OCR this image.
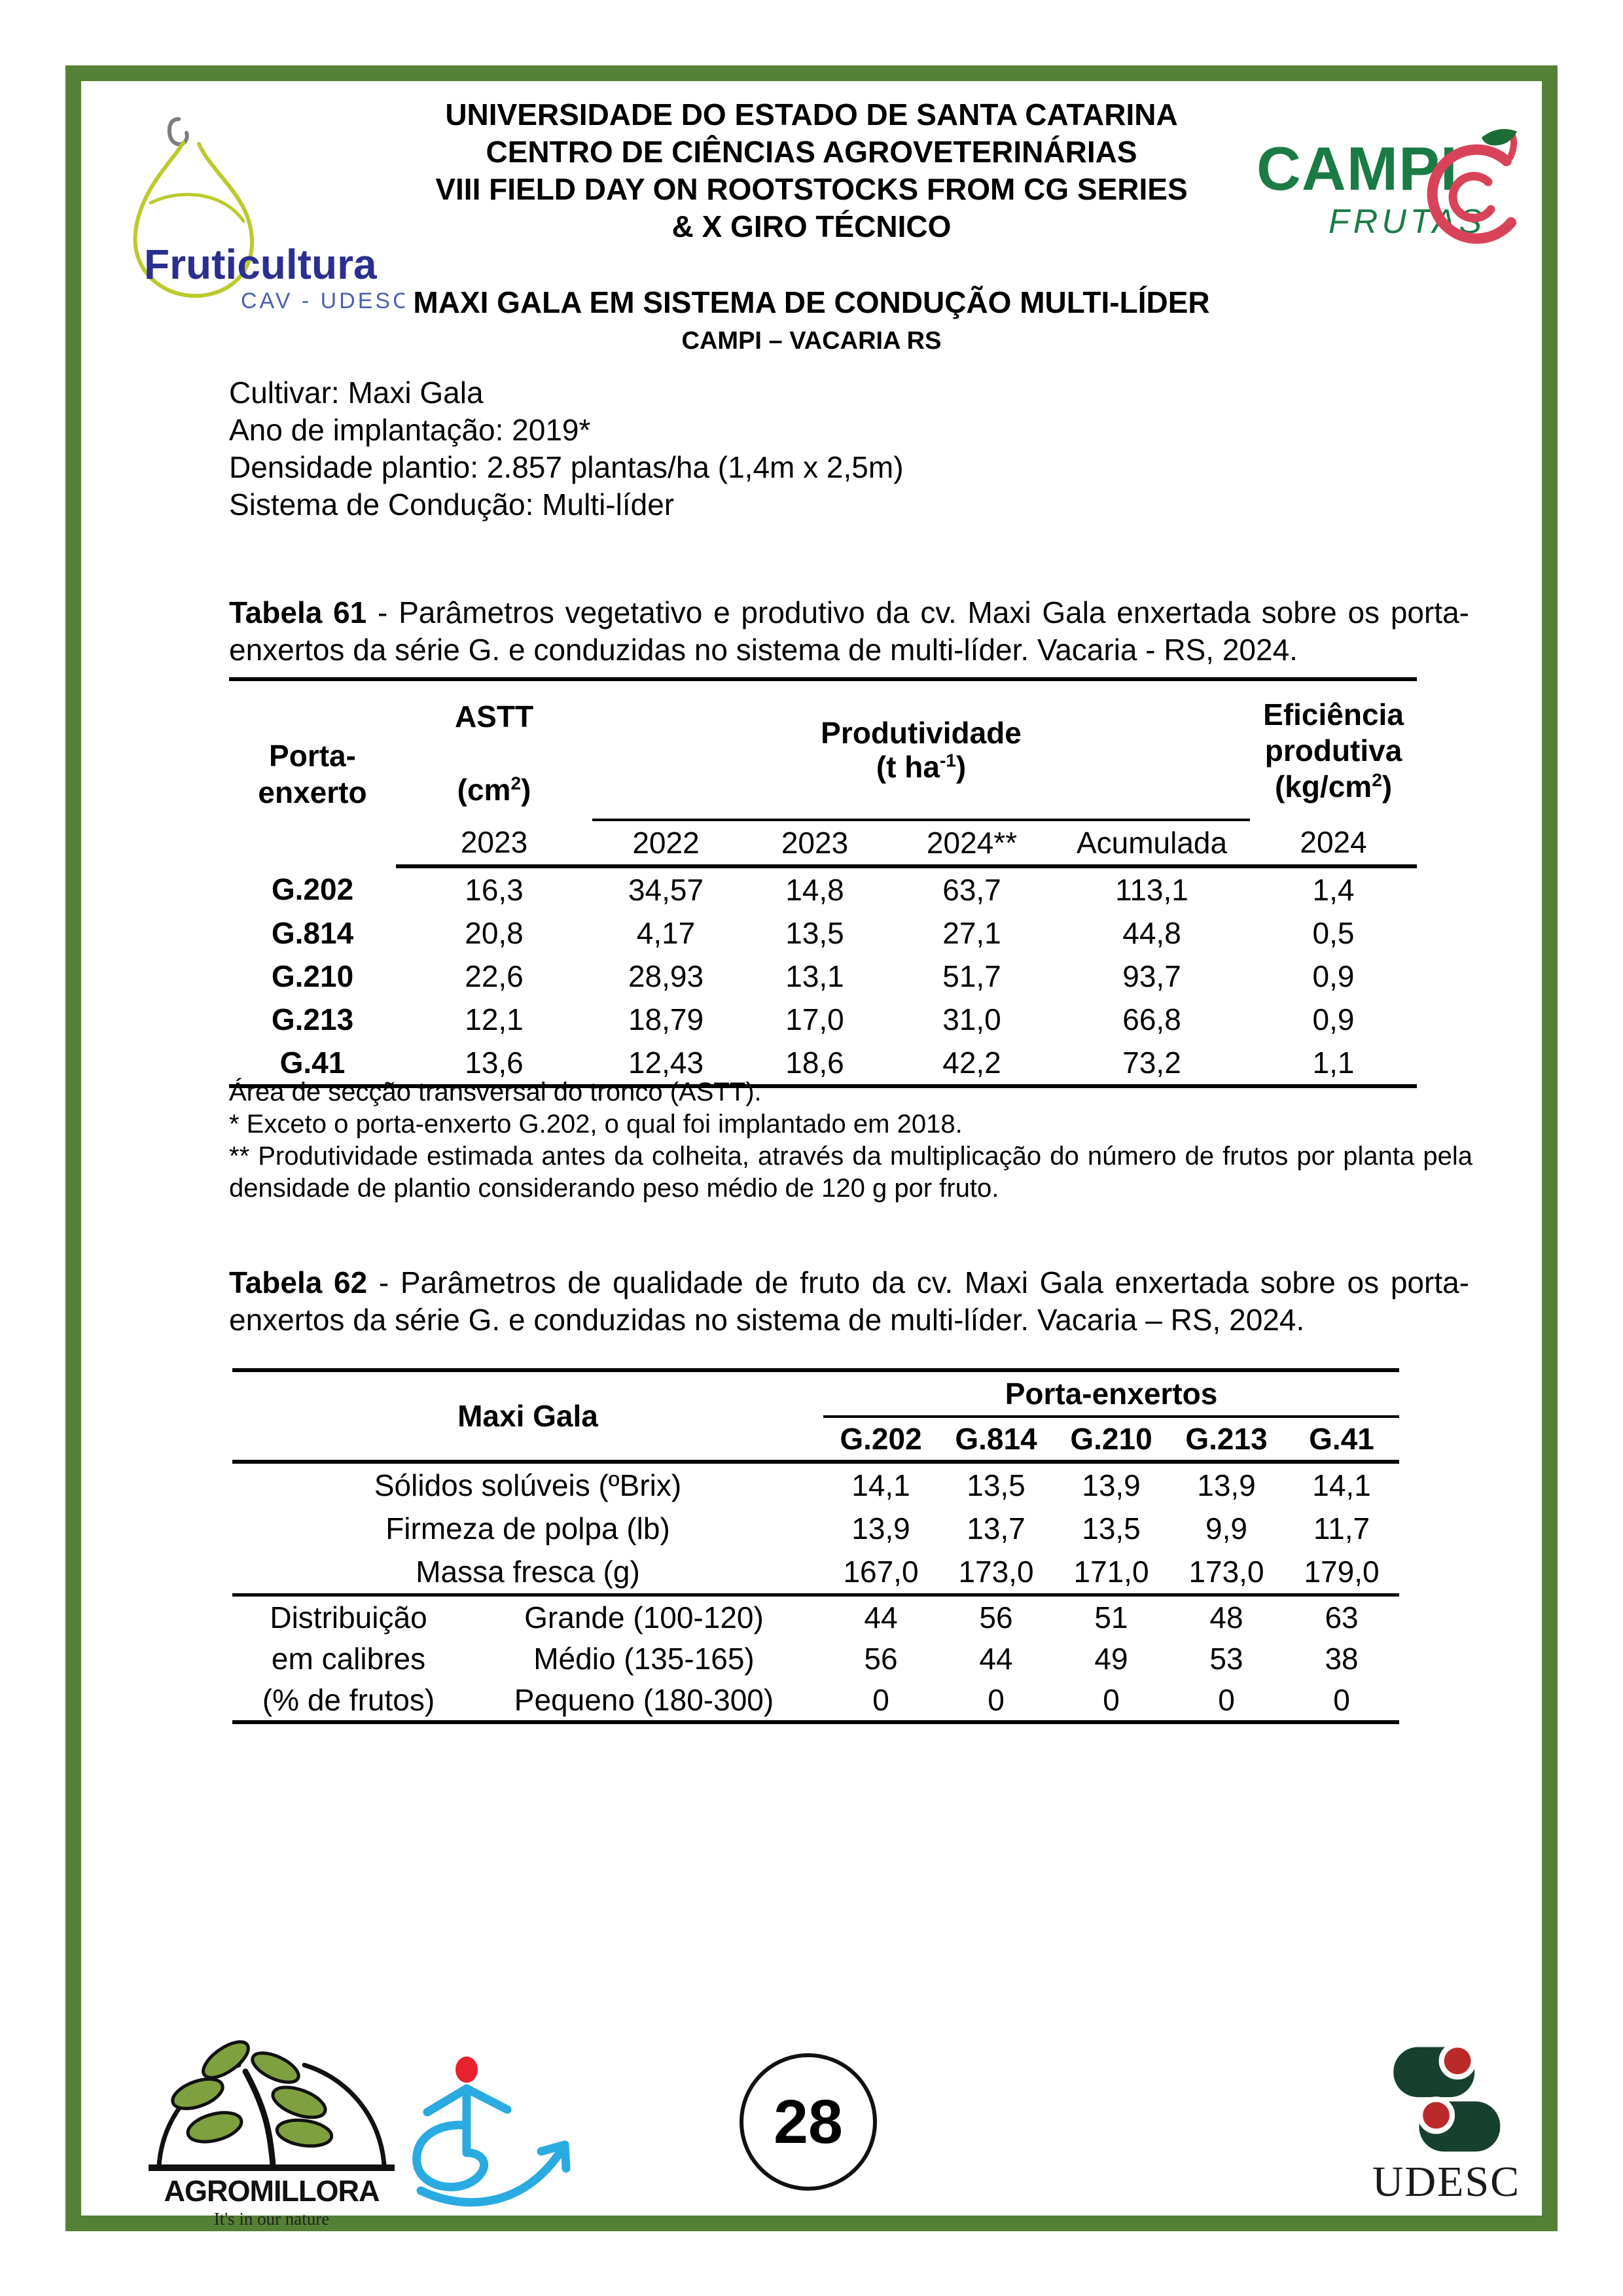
Fruticultura
CAV - UDESC
CAMPI
FRUTAS
UNIVERSIDADE DO ESTADO DE SANTA CATARINA
CENTRO DE CIÊNCIAS AGROVETERINÁRIAS
VIII FIELD DAY ON ROOTSTOCKS FROM CG SERIES
& X GIRO TÉCNICO
MAXI GALA EM SISTEMA DE CONDUÇÃO MULTI-LÍDER
CAMPI – VACARIA RS
Cultivar: Maxi Gala
Ano de implantação: 2019*
Densidade plantio: 2.857 plantas/ha (1,4m x 2,5m)
Sistema de Condução: Multi-líder

Tabela 61 - Parâmetros vegetativo e produtivo da cv. Maxi Gala enxertada sobre os porta-enxertos da série G. e conduzidas no sistema de multi-líder. Vacaria - RS, 2024.

Porta-
enxerto

ASTT
$(cm^2)$

Produtividade
(t $ha^{-1}$)

Eficiência
produtiva
$(kg/cm^2)$

	2023	2022	2023	2024**	Acumulada	2024
G.202	16,3	34,57	14,8	63,7	113,1	1,4
G.814	20,8	4,17	13,5	27,1	44,8	0,5
G.210	22,6	28,93	13,1	51,7	93,7	0,9
G.213	12,1	18,79	17,0	31,0	66,8	0,9
G.41	13,6	12,43	18,6	42,2	73,2	1,1

Área de secção transversal do tronco (ASTT).

* Exceto o porta-enxerto G.202, o qual foi implantado em 2018.

** Produtividade estimada antes da colheita, através da multiplicação do número de frutos por planta pela densidade de plantio considerando peso médio de 120 g por fruto.

Tabela 62 - Parâmetros de qualidade de fruto da cv. Maxi Gala enxertada sobre os porta-enxertos da série G. e conduzidas no sistema de multi-líder. Vacaria – RS, 2024.

Maxi Gala		Porta-enxertos				
		G.202	G.814	G.210	G.213	G.41
Sólidos solúveis (ºBrix)		14,1	13,5	13,9	13,9	14,1
Firmeza de polpa (lb)		13,9	13,7	13,5	9,9	11,7
Massa fresca (g)		167,0	173,0	171,0	173,0	179,0
Distribuição	Grande (100-120)	44	56	51	48	63
em calibres	Médio (135-165)	56	44	49	53	38
(% de frutos)	Pequeno (180-300)	0	0	0	0	0
AGROMILLORA
It's in our nature
28
UDESC
